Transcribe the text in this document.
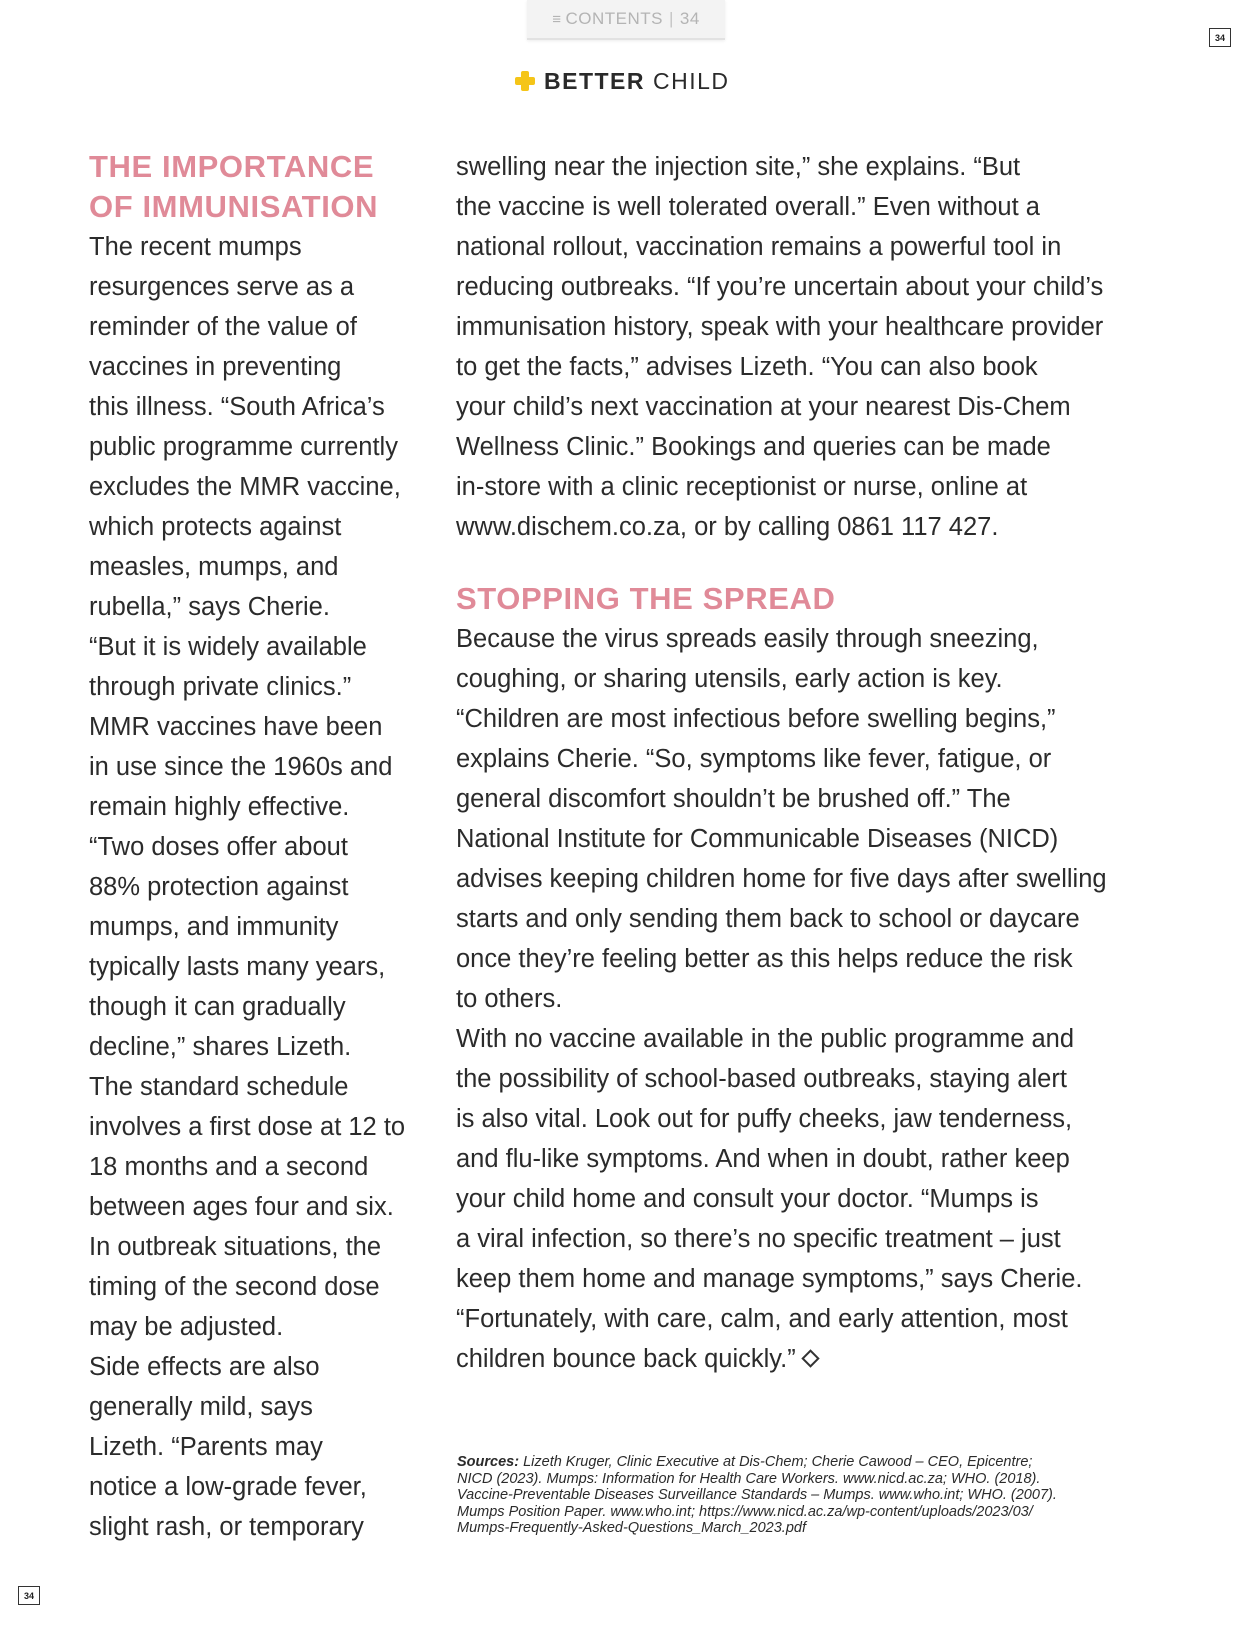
≡ CONTENTS | 34
34
BETTER CHILD
THE IMPORTANCE
OF IMMUNISATION
The recent mumps
resurgences serve as a
reminder of the value of
vaccines in preventing
this illness. “South Africa’s
public programme currently
excludes the MMR vaccine,
which protects against
measles, mumps, and
rubella,” says Cherie.
“But it is widely available
through private clinics.”
MMR vaccines have been
in use since the 1960s and
remain highly effective.
“Two doses offer about
88% protection against
mumps, and immunity
typically lasts many years,
though it can gradually
decline,” shares Lizeth.
The standard schedule
involves a first dose at 12 to
18 months and a second
between ages four and six.
In outbreak situations, the
timing of the second dose
may be adjusted.
Side effects are also
generally mild, says
Lizeth. “Parents may
notice a low-grade fever,
slight rash, or temporary
swelling near the injection site,” she explains. “But
the vaccine is well tolerated overall.” Even without a
national rollout, vaccination remains a powerful tool in
reducing outbreaks. “If you’re uncertain about your child’s
immunisation history, speak with your healthcare provider
to get the facts,” advises Lizeth. “You can also book
your child’s next vaccination at your nearest Dis-Chem
Wellness Clinic.” Bookings and queries can be made
in-store with a clinic receptionist or nurse, online at
www.dischem.co.za, or by calling 0861 117 427.
STOPPING THE SPREAD
Because the virus spreads easily through sneezing,
coughing, or sharing utensils, early action is key.
“Children are most infectious before swelling begins,”
explains Cherie. “So, symptoms like fever, fatigue, or
general discomfort shouldn’t be brushed off.” The
National Institute for Communicable Diseases (NICD)
advises keeping children home for five days after swelling
starts and only sending them back to school or daycare
once they’re feeling better as this helps reduce the risk
to others.
With no vaccine available in the public programme and
the possibility of school-based outbreaks, staying alert
is also vital. Look out for puffy cheeks, jaw tenderness,
and flu-like symptoms. And when in doubt, rather keep
your child home and consult your doctor. “Mumps is
a viral infection, so there’s no specific treatment – just
keep them home and manage symptoms,” says Cherie.
“Fortunately, with care, calm, and early attention, most
children bounce back quickly.”
Sources: Lizeth Kruger, Clinic Executive at Dis-Chem; Cherie Cawood – CEO, Epicentre;
NICD (2023). Mumps: Information for Health Care Workers. www.nicd.ac.za; WHO. (2018).
Vaccine-Preventable Diseases Surveillance Standards – Mumps. www.who.int; WHO. (2007).
Mumps Position Paper. www.who.int; https://www.nicd.ac.za/wp-content/uploads/2023/03/
Mumps-Frequently-Asked-Questions_March_2023.pdf
34
